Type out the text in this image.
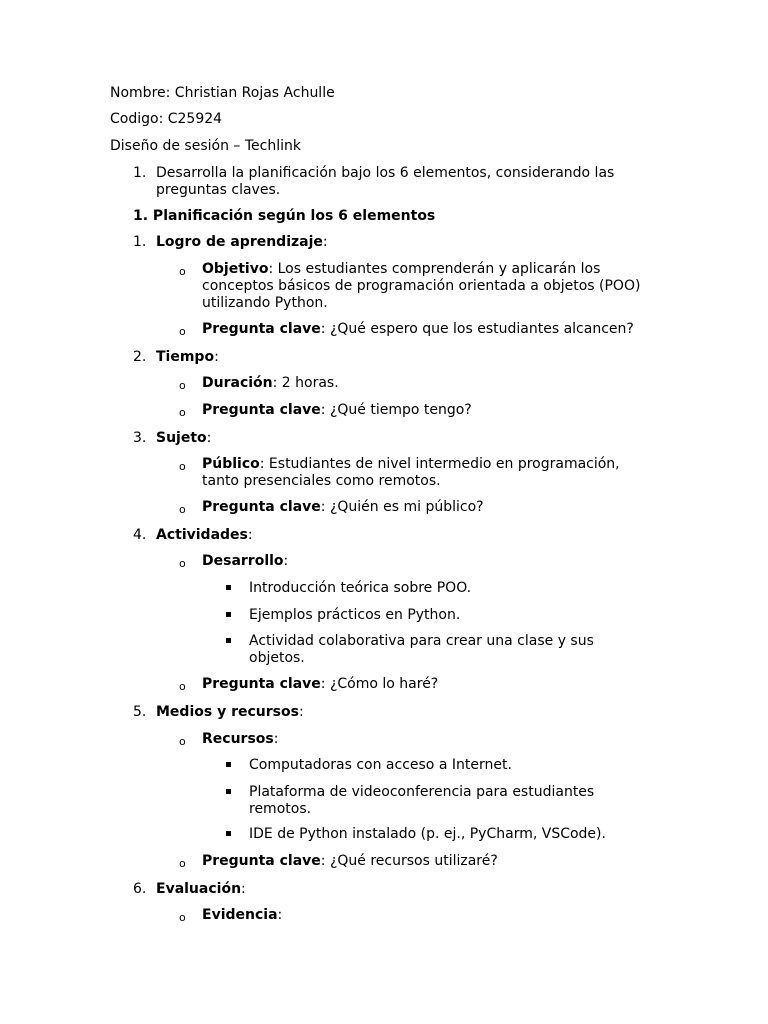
Nombre: Christian Rojas Achulle
Codigo: C25924
Diseño de sesión – Techlink
1. Desarrolla la planificación bajo los 6 elementos, considerando las preguntas claves.
1. Planificación según los 6 elementos
1. Logro de aprendizaje:
o Objetivo: Los estudiantes comprenderán y aplicarán los conceptos básicos de programación orientada a objetos (POO) utilizando Python.
o Pregunta clave: ¿Qué espero que los estudiantes alcancen?
2. Tiempo:
o Duración: 2 horas.
o Pregunta clave: ¿Qué tiempo tengo?
3. Sujeto:
o Público: Estudiantes de nivel intermedio en programación, tanto presenciales como remotos.
o Pregunta clave: ¿Quién es mi público?
4. Actividades:
o Desarrollo:
Introducción teórica sobre POO.
Ejemplos prácticos en Python.
Actividad colaborativa para crear una clase y sus objetos.
o Pregunta clave: ¿Cómo lo haré?
5. Medios y recursos:
o Recursos:
Computadoras con acceso a Internet.
Plataforma de videoconferencia para estudiantes remotos.
IDE de Python instalado (p. ej., PyCharm, VSCode).
o Pregunta clave: ¿Qué recursos utilizaré?
6. Evaluación:
o Evidencia:
